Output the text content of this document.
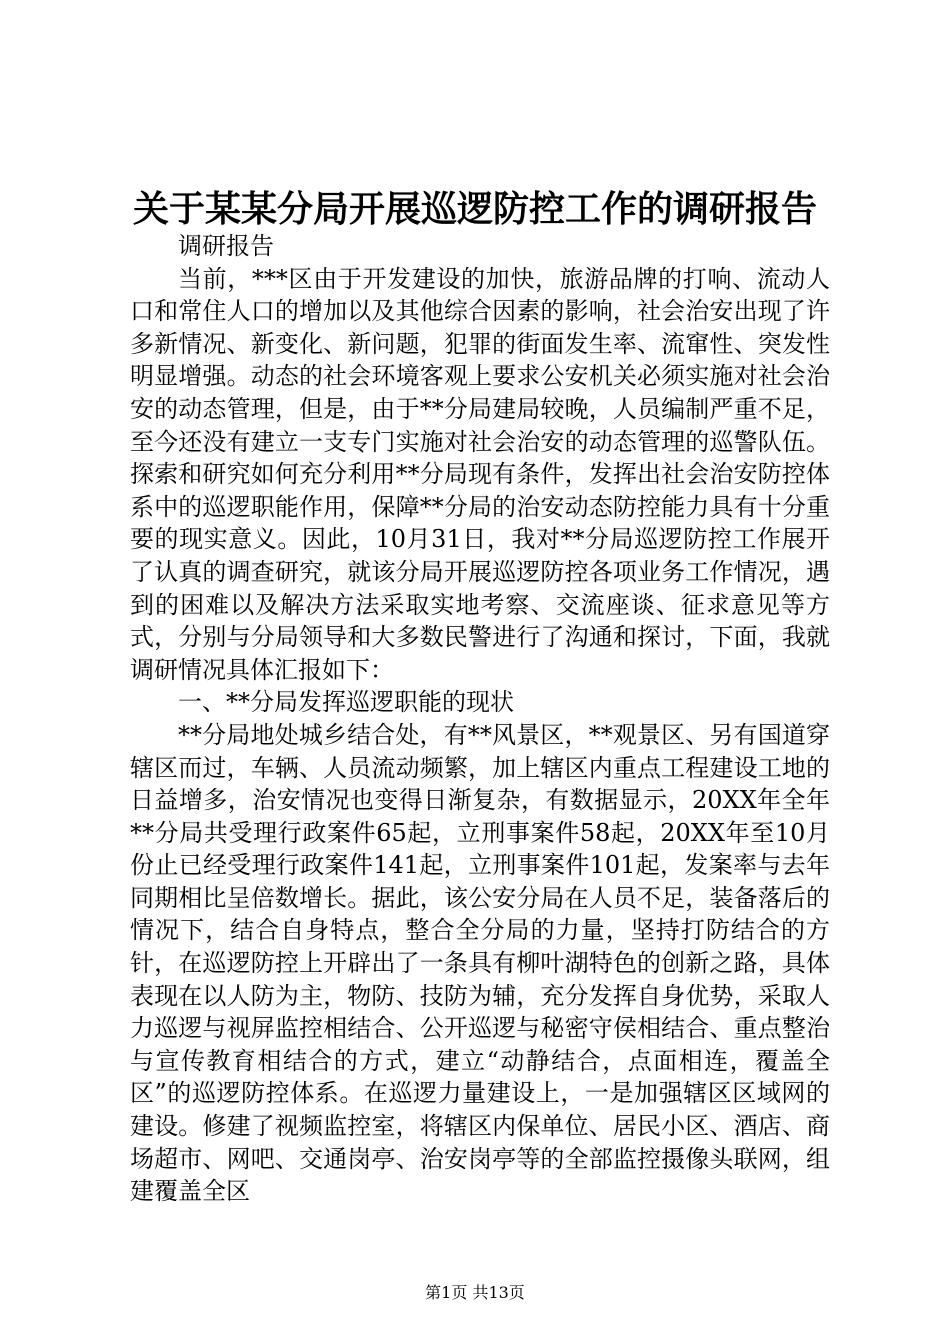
关于某某分局开展巡逻防控工作的调研报告

调研报告

当前，***区由于开发建设的加快，旅游品牌的打响、流动人口和常住人口的增加以及其他综合因素的影响，社会治安出现了许多新情况、新变化、新问题，犯罪的街面发生率、流窜性、突发性明显增强。动态的社会环境客观上要求公安机关必须实施对社会治安的动态管理，但是，由于**分局建局较晚，人员编制严重不足，至今还没有建立一支专门实施对社会治安的动态管理的巡警队伍。探索和研究如何充分利用**分局现有条件，发挥出社会治安防控体系中的巡逻职能作用，保障**分局的治安动态防控能力具有十分重要的现实意义。因此，10月31日，我对**分局巡逻防控工作展开了认真的调查研究，就该分局开展巡逻防控各项业务工作情况，遇到的困难以及解决方法采取实地考察、交流座谈、征求意见等方式，分别与分局领导和大多数民警进行了沟通和探讨，下面，我就调研情况具体汇报如下：

一、**分局发挥巡逻职能的现状

**分局地处城乡结合处，有**风景区，**观景区、另有国道穿辖区而过，车辆、人员流动频繁，加上辖区内重点工程建设工地的日益增多，治安情况也变得日渐复杂，有数据显示，20XX年全年**分局共受理行政案件65起，立刑事案件58起，20XX年至10月份止已经受理行政案件141起，立刑事案件101起，发案率与去年同期相比呈倍数增长。据此，该公安分局在人员不足，装备落后的情况下，结合自身特点，整合全分局的力量，坚持打防结合的方针，在巡逻防控上开辟出了一条具有柳叶湖特色的创新之路，具体表现在以人防为主，物防、技防为辅，充分发挥自身优势，采取人力巡逻与视屏监控相结合、公开巡逻与秘密守侯相结合、重点整治与宣传教育相结合的方式，建立“动静结合，点面相连，覆盖全区”的巡逻防控体系。在巡逻力量建设上，一是加强辖区区域网的建设。修建了视频监控室，将辖区内保单位、居民小区、酒店、商场超市、网吧、交通岗亭、治安岗亭等的全部监控摄像头联网，组建覆盖全区

第1页 共13页
